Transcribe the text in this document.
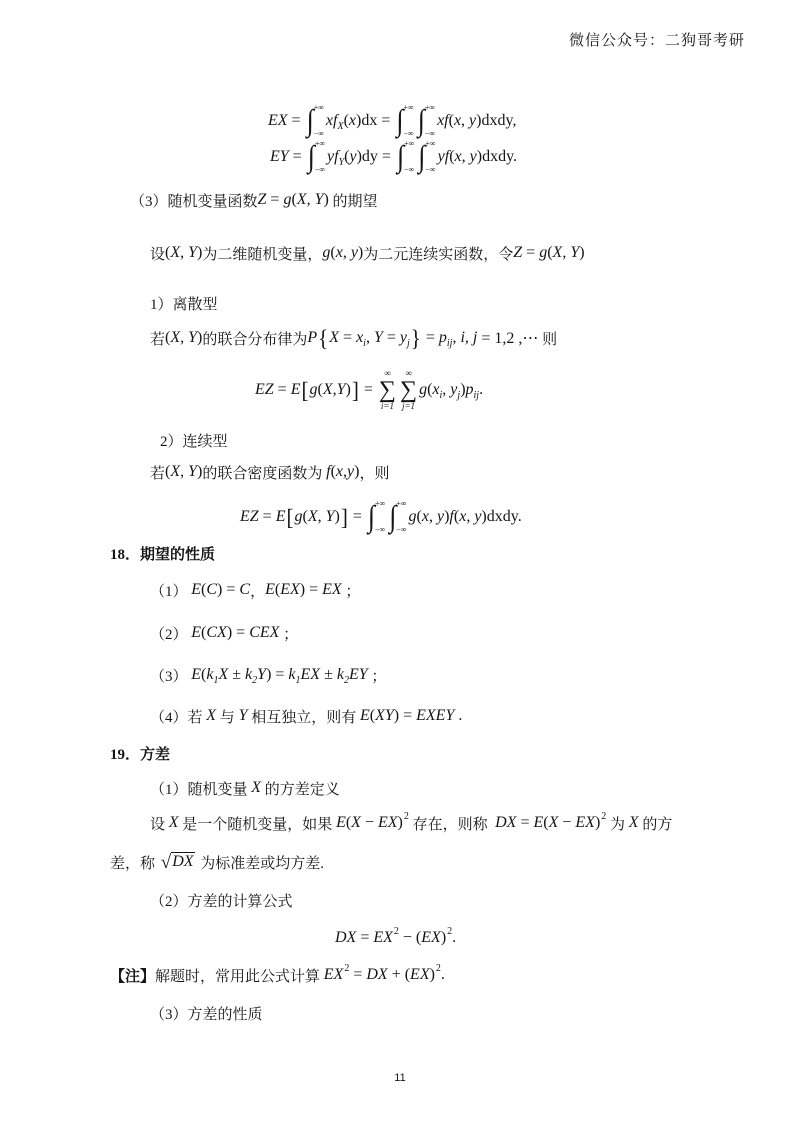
微信公众号：二狗哥考研
EX = ∫ +∞
−∞
xf X ( x )dx = ∫ +∞
−∞ ∫ +∞
−∞
xf ( x , y )dxdy,
EY = ∫ +∞
−∞
yf Y ( y )dy = ∫ +∞
−∞ ∫ +∞
−∞
yf ( x , y )dxdy.
（3）随机变量函数 Z = g ( X , Y ) 的期望
设 ( X , Y ) 为二维随机变量， g ( x , y ) 为二元连续实函数，令 Z = g ( X , Y )
1）离散型
若 ( X , Y ) 的联合分布律为 P { X = x i , Y = y j } = p ij , i , j = 1,2 ,⋯ 则
EZ = E [ g ( X , Y ) ] =
∞
∑
i=1
∞
∑
j=1
g ( x i , y j ) p ij .
2）连续型
若 ( X , Y ) 的联合密度函数为 f ( x , y ) ，则
EZ = E [ g ( X , Y ) ] = ∫ +∞
−∞ ∫ +∞
−∞
g ( x , y ) f ( x , y )dxdy.
18．期望的性质
（1） E ( C ) = C ， E ( EX ) = EX ；
（2） E ( CX ) = CEX ；
（3） E ( k 1 X ± k 2 Y ) = k 1 EX ± k 2 EY ；
（4）若 X 与 Y 相互独立，则有 E ( XY ) = EXEY .
19．方差
（1）随机变量 X 的方差定义
设 X 是一个随机变量，如果 E ( X − EX ) 2
存在，则称 DX = E ( X − EX ) 2
为 X 的方
差，称 √ DX 为标准差或均方差.
（2）方差的计算公式
DX = EX 2 − ( EX ) 2 .
【注】 解题时，常用此公式计算 EX 2 = DX + ( EX ) 2 .
（3）方差的性质
11
